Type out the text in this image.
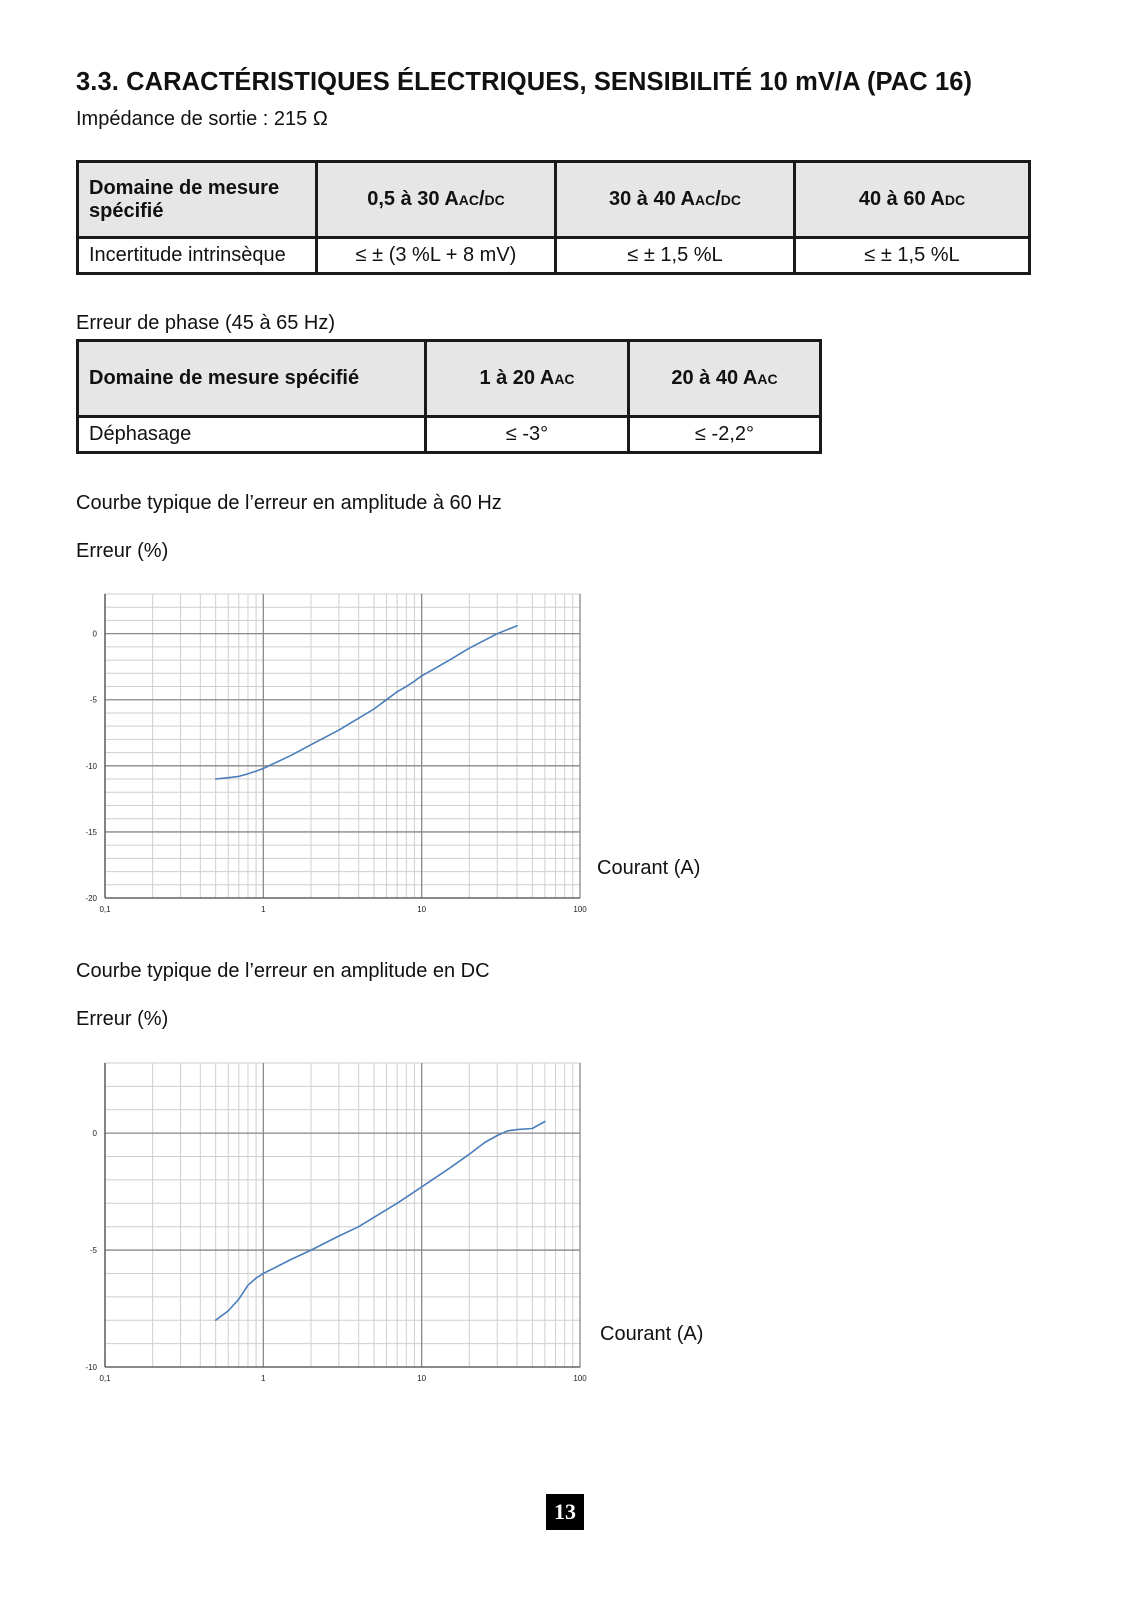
3.3. CARACTÉRISTIQUES ÉLECTRIQUES, SENSIBILITÉ 10 mV/A (PAC 16)
Impédance de sortie : 215 Ω
Domaine de mesure spécifié	0,5 à 30 Aac/dc	30 à 40 Aac/dc	40 à 60 Adc
Incertitude intrinsèque	≤ ± (3 %L + 8 mV)	≤ ± 1,5 %L	≤ ± 1,5 %L
Erreur de phase (45 à 65 Hz)
Domaine de mesure spécifié	1 à 20 Aac	20 à 40 Aac
Déphasage	≤ -3°	≤ -2,2°
Courbe typique de l’erreur en amplitude à 60 Hz
Erreur (%)
0
-5
-10
-15
-20
0,1	1	10	100
Courant (A)
Courbe typique de l’erreur en amplitude en DC
Erreur (%)
0
-5
-10
0,1	1	10	100
Courant (A)
13
